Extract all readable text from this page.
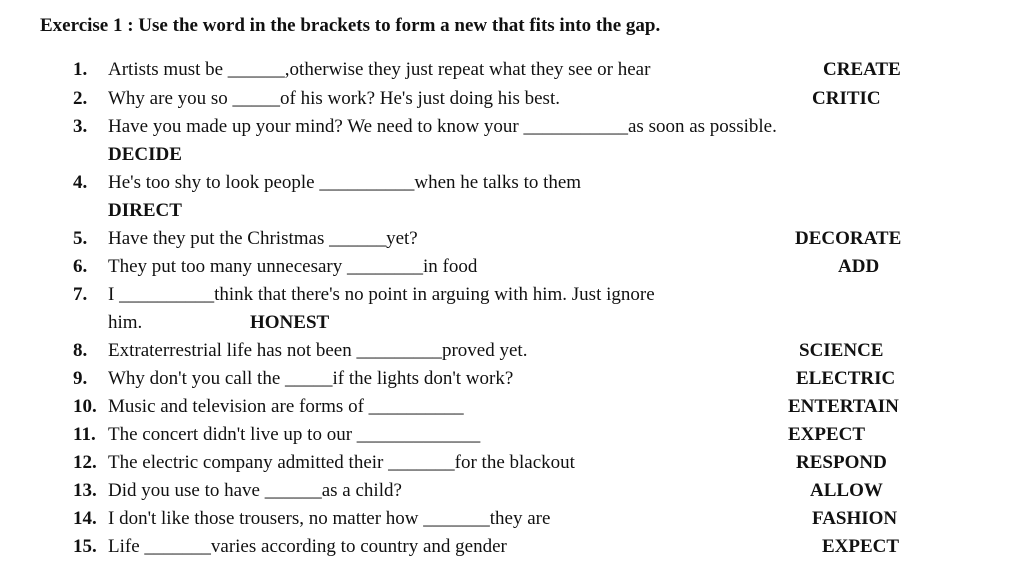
Exercise 1 : Use the word in the brackets to form a new that fits into the gap.
1. Artists must be ______,otherwise they just repeat what they see or hear	CREATE
2. Why are you so _____of his work? He's just doing his best.	CRITIC
3. Have you made up your mind? We need to know your ___________as soon as possible.
DECIDE
4. He's too shy to look people __________when he talks to them
DIRECT
5. Have they put the Christmas ______yet?	DECORATE
6. They put too many unnecesary ________in food	ADD
7. I __________think that there's no point in arguing with him. Just ignore
him.	HONEST
8. Extraterrestrial life has not been _________proved yet.	SCIENCE
9. Why don't you call the _____if the lights don't work?	ELECTRIC
10. Music and television are forms of __________	ENTERTAIN
11. The concert didn't live up to our _____________	EXPECT
12. The electric company admitted their _______for the blackout	RESPOND
13. Did you use to have ______as a child?	ALLOW
14. I don't like those trousers, no matter how _______they are	FASHION
15. Life _______varies according to country and gender	EXPECT
